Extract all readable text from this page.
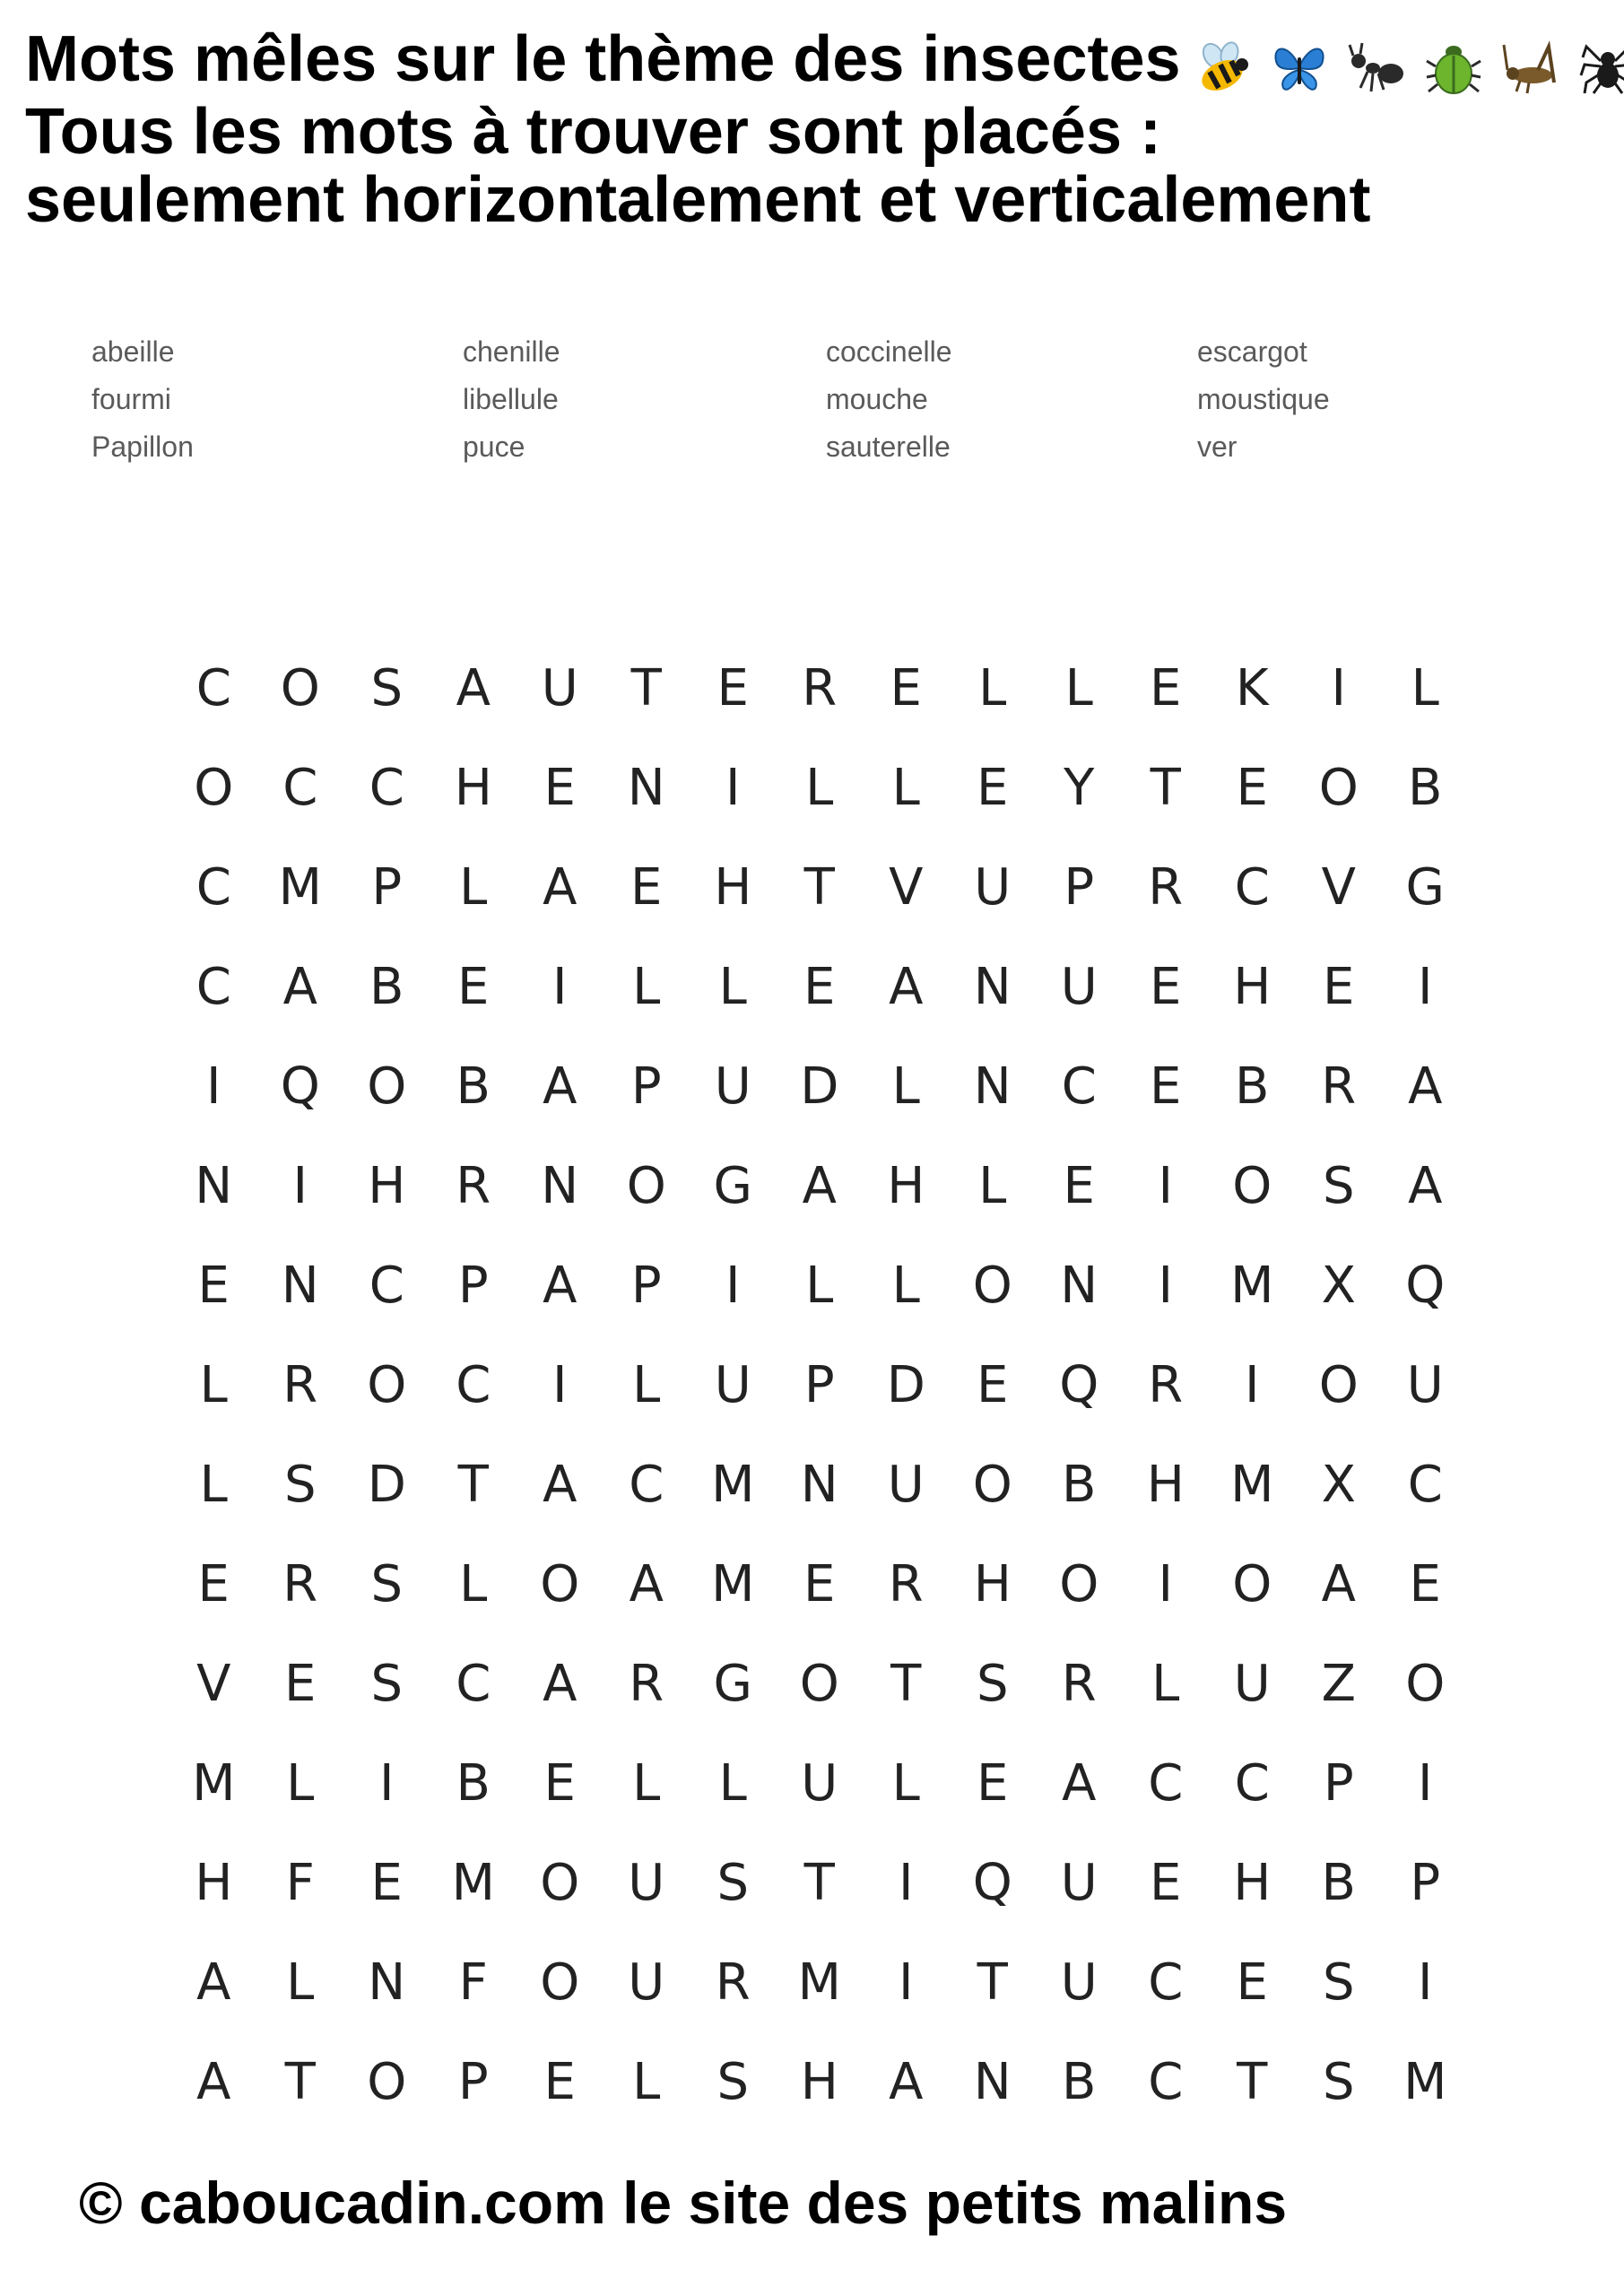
Mots mêles sur le thème des insectes
Tous les mots à trouver sont placés :
seulement horizontalement et verticalement
abeille
fourmi
Papillon
chenille
libellule
puce
coccinelle
mouche
sauterelle
escargot
moustique
ver
C O	S	A	U	T	E	R	E	L	L	E	K	I	L
O C	C H	E	N	I	L	L	E	Y	T	E	O B
C M P	L	A	E	H	T	V	U	P	R	C	V G
C	A	B	E	I	L	L	E	A	N U	E	H	E	I
I	Q O B	A	P	U D	L	N	C	E	B	R	A
N	I	H R	N O G A	H	L	E	I	O	S	A
E	N	C	P	A	P	I	L	L	O N	I	M X Q
L	R O C	I	L	U	P	D	E	Q R	I	O U
L	S	D	T	A	C M N U O B	H M X	C
E	R	S	L	O A M E	R H O	I	O A	E
V	E	S	C	A	R G O	T	S	R	L	U	Z O
M	L	I	B	E	L	L	U	L	E	A	C	C	P	I
H	F	E M O U	S	T	I	Q U	E	H	B	P
A	L	N	F	O U	R M	I	T	U	C	E	S	I
A	T	O	P	E	L	S	H	A	N	B	C	T	S M
© caboucadin.com le site des petits malins
